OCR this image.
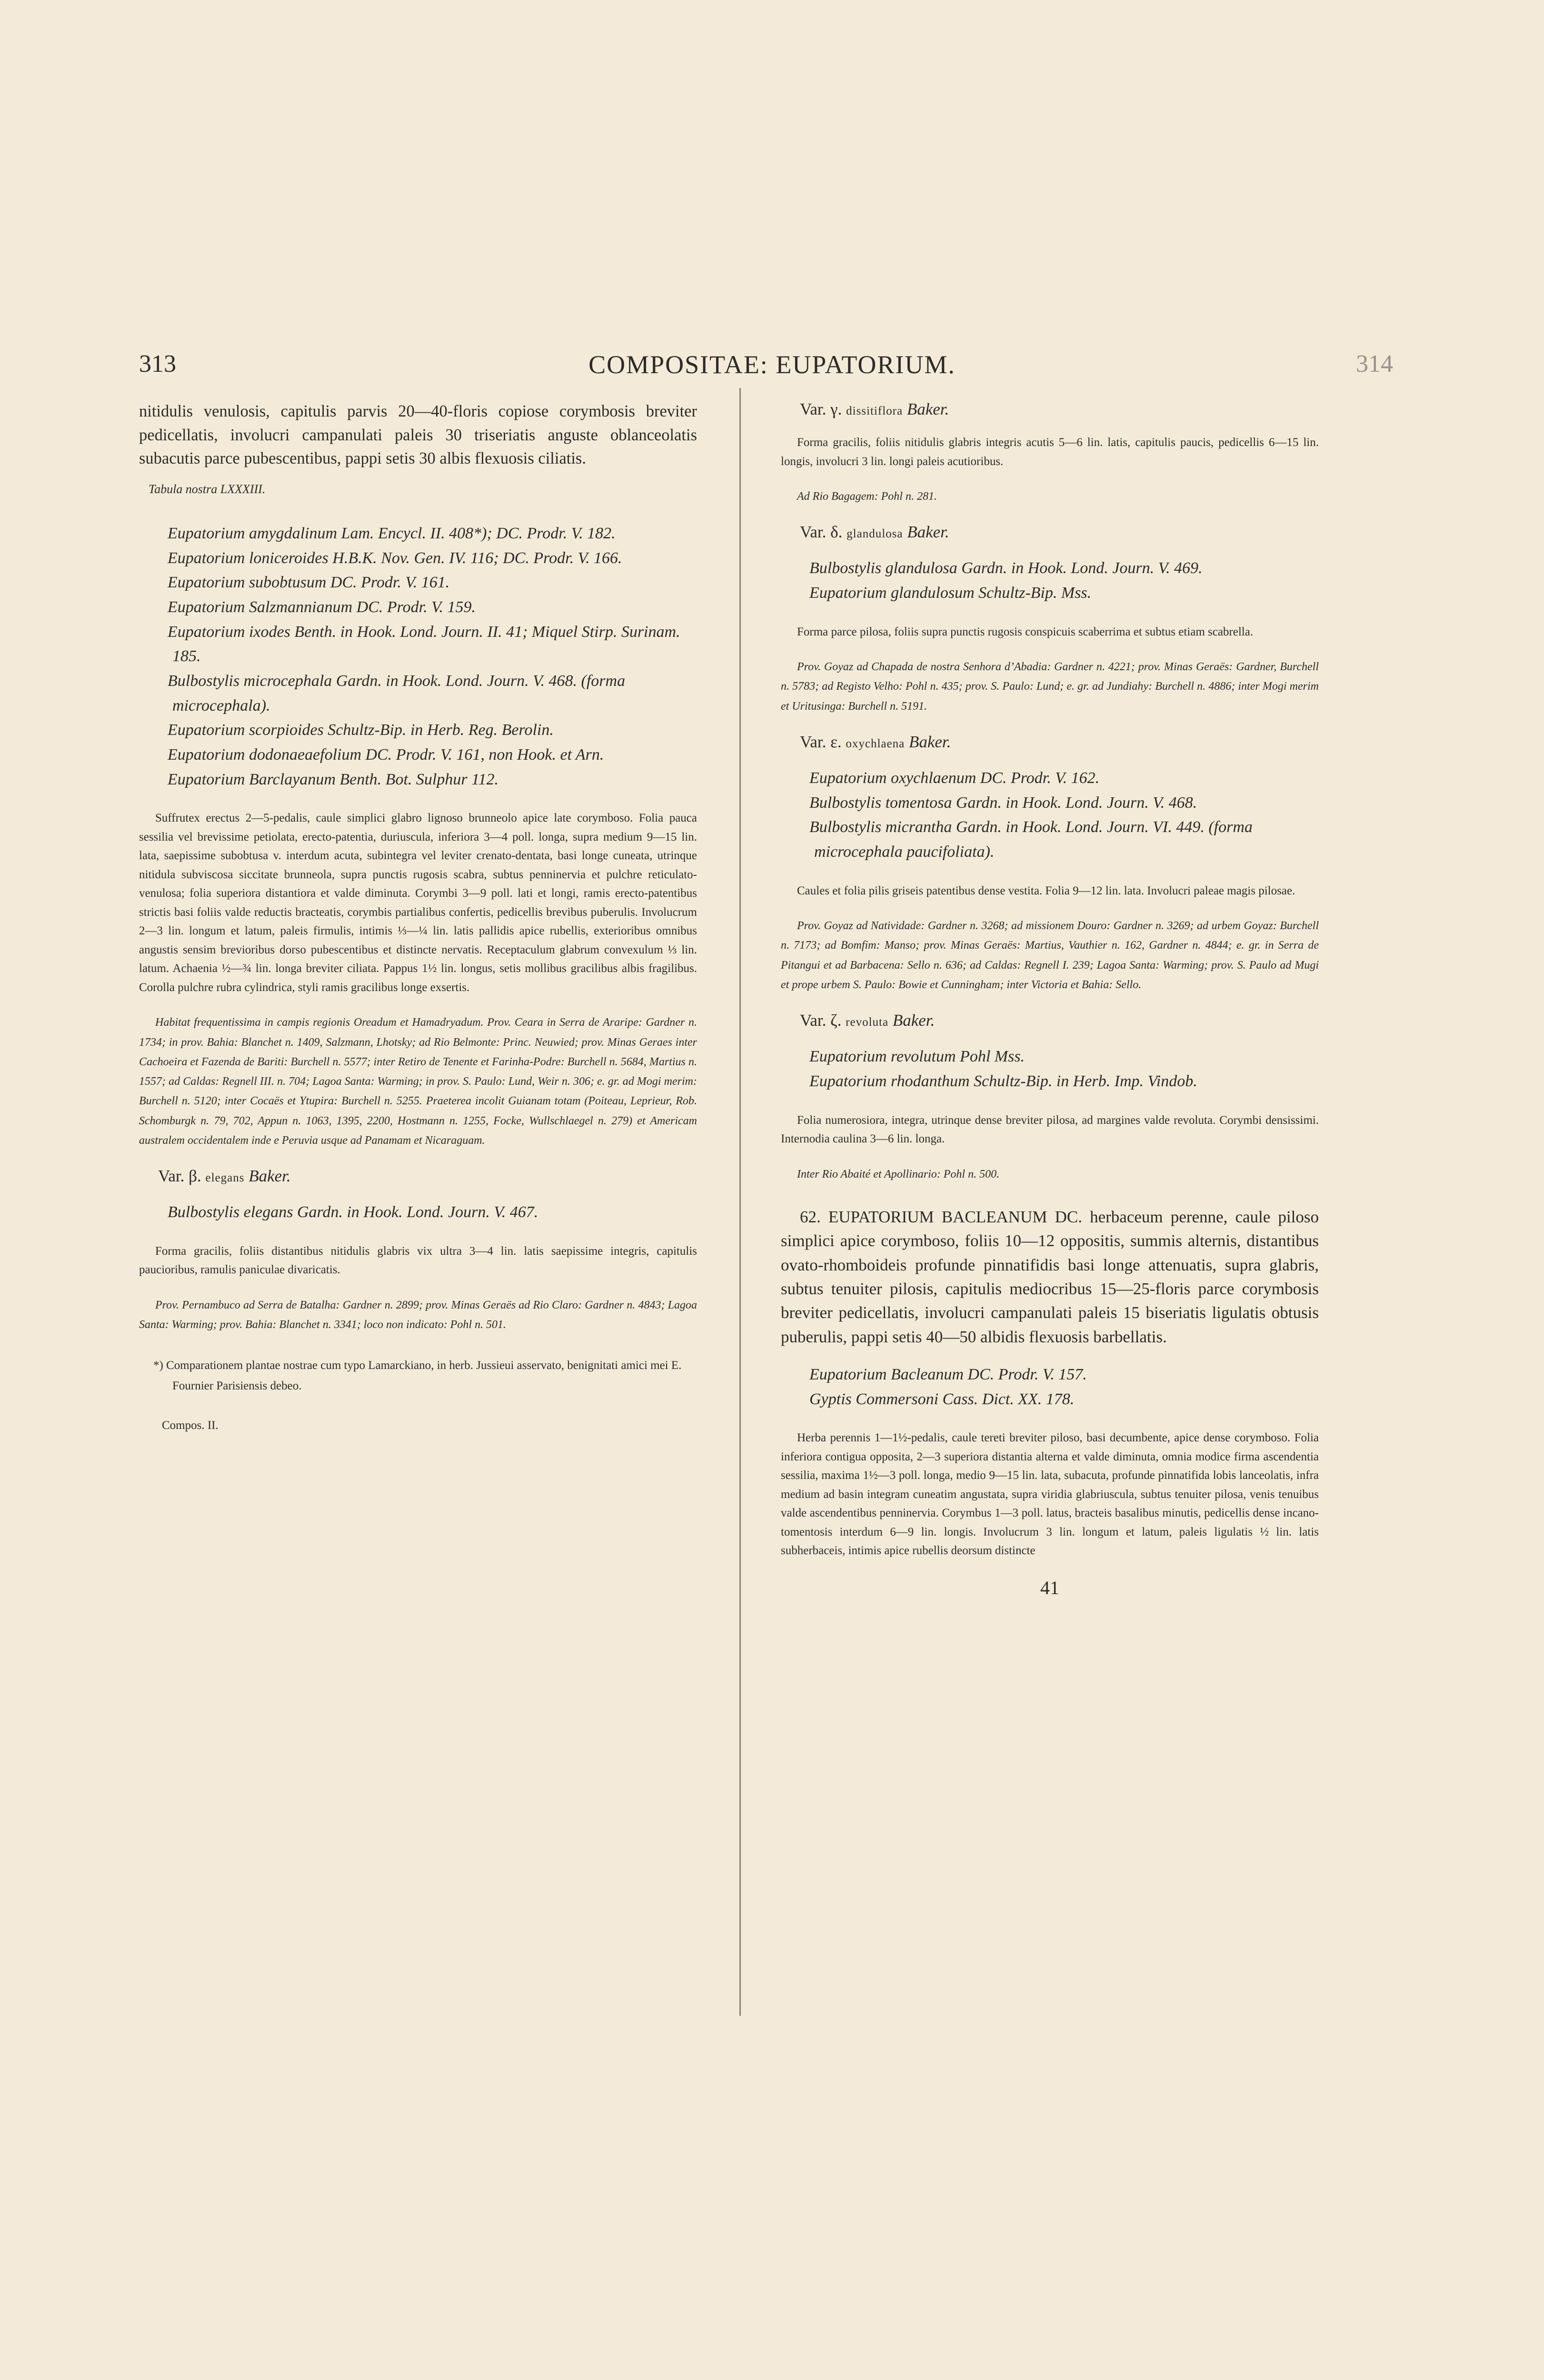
313	COMPOSITAE: EUPATORIUM.	314

nitidulis venulosis, capitulis parvis 20—40-floris copiose corymbosis breviter pedicellatis, involucri campanulati paleis 30 triseriatis anguste oblanceolatis subacutis parce pubescentibus, pappi setis 30 albis flexuosis ciliatis.

Tabula nostra LXXXIII.
Eupatorium amygdalinum Lam. Encycl. II. 408*); DC. Prodr. V. 182.
Eupatorium loniceroides H.B.K. Nov. Gen. IV. 116; DC. Prodr. V. 166.
Eupatorium subobtusum DC. Prodr. V. 161.
Eupatorium Salzmannianum DC. Prodr. V. 159.
Eupatorium ixodes Benth. in Hook. Lond. Journ. II. 41; Miquel Stirp. Surinam. 185.
Bulbostylis microcephala Gardn. in Hook. Lond. Journ. V. 468. (forma microcephala).
Eupatorium scorpioides Schultz-Bip. in Herb. Reg. Berolin.
Eupatorium dodonaeaefolium DC. Prodr. V. 161, non Hook. et Arn.
Eupatorium Barclayanum Benth. Bot. Sulphur 112.

Suffrutex erectus 2—5-pedalis, caule simplici glabro lignoso brunneolo apice late corymboso. Folia pauca sessilia vel brevissime petiolata, erecto-patentia, duriuscula, inferiora 3—4 poll. longa, supra medium 9—15 lin. lata, saepissime subobtusa v. interdum acuta, subintegra vel leviter crenato-dentata, basi longe cuneata, utrinque nitidula subviscosa siccitate brunneola, supra punctis rugosis scabra, subtus penninervia et pulchre reticulato-venulosa; folia superiora distantiora et valde diminuta. Corymbi 3—9 poll. lati et longi, ramis erecto-patentibus strictis basi foliis valde reductis bracteatis, corymbis partialibus confertis, pedicellis brevibus puberulis. Involucrum 2—3 lin. longum et latum, paleis firmulis, intimis ⅓—¼ lin. latis pallidis apice rubellis, exterioribus omnibus angustis sensim brevioribus dorso pubescentibus et distincte nervatis. Receptaculum glabrum convexulum ⅓ lin. latum. Achaenia ½—¾ lin. longa breviter ciliata. Pappus 1½ lin. longus, setis mollibus gracilibus albis fragilibus. Corolla pulchre rubra cylindrica, styli ramis gracilibus longe exsertis.

Habitat frequentissima in campis regionis Oreadum et Hamadryadum. Prov. Ceara in Serra de Araripe: Gardner n. 1734; in prov. Bahia: Blanchet n. 1409, Salzmann, Lhotsky; ad Rio Belmonte: Princ. Neuwied; prov. Minas Geraes inter Cachoeira et Fazenda de Bariti: Burchell n. 5577; inter Retiro de Tenente et Farinha-Podre: Burchell n. 5684, Martius n. 1557; ad Caldas: Regnell III. n. 704; Lagoa Santa: Warming; in prov. S. Paulo: Lund, Weir n. 306; e. gr. ad Mogi merim: Burchell n. 5120; inter Cocaës et Ytupira: Burchell n. 5255. Praeterea incolit Guianam totam (Poiteau, Leprieur, Rob. Schomburgk n. 79, 702, Appun n. 1063, 1395, 2200, Hostmann n. 1255, Focke, Wullschlaegel n. 279) et Americam australem occidentalem inde e Peruvia usque ad Panamam et Nicaraguam.

Var. β. elegans Baker.
Bulbostylis elegans Gardn. in Hook. Lond. Journ. V. 467.

Forma gracilis, foliis distantibus nitidulis glabris vix ultra 3—4 lin. latis saepissime integris, capitulis paucioribus, ramulis paniculae divaricatis.

Prov. Pernambuco ad Serra de Batalha: Gardner n. 2899; prov. Minas Geraës ad Rio Claro: Gardner n. 4843; Lagoa Santa: Warming; prov. Bahia: Blanchet n. 3341; loco non indicato: Pohl n. 501.

*) Comparationem plantae nostrae cum typo Lamarckiano, in herb. Jussieui asservato, benignitati amici mei E. Fournier Parisiensis debeo.

Compos. II.
Var. γ. dissitiflora Baker.

Forma gracilis, foliis nitidulis glabris integris acutis 5—6 lin. latis, capitulis paucis, pedicellis 6—15 lin. longis, involucri 3 lin. longi paleis acutioribus.

Ad Rio Bagagem: Pohl n. 281.

Var. δ. glandulosa Baker.
Bulbostylis glandulosa Gardn. in Hook. Lond. Journ. V. 469.
Eupatorium glandulosum Schultz-Bip. Mss.

Forma parce pilosa, foliis supra punctis rugosis conspicuis scaberrima et subtus etiam scabrella.

Prov. Goyaz ad Chapada de nostra Senhora d’Abadia: Gardner n. 4221; prov. Minas Geraës: Gardner, Burchell n. 5783; ad Registo Velho: Pohl n. 435; prov. S. Paulo: Lund; e. gr. ad Jundiahy: Burchell n. 4886; inter Mogi merim et Uritusinga: Burchell n. 5191.

Var. ε. oxychlaena Baker.
Eupatorium oxychlaenum DC. Prodr. V. 162.
Bulbostylis tomentosa Gardn. in Hook. Lond. Journ. V. 468.
Bulbostylis micrantha Gardn. in Hook. Lond. Journ. VI. 449. (forma microcephala paucifoliata).

Caules et folia pilis griseis patentibus dense vestita. Folia 9—12 lin. lata. Involucri paleae magis pilosae.

Prov. Goyaz ad Natividade: Gardner n. 3268; ad missionem Douro: Gardner n. 3269; ad urbem Goyaz: Burchell n. 7173; ad Bomfim: Manso; prov. Minas Geraës: Martius, Vauthier n. 162, Gardner n. 4844; e. gr. in Serra de Pitangui et ad Barbacena: Sello n. 636; ad Caldas: Regnell I. 239; Lagoa Santa: Warming; prov. S. Paulo ad Mugi et prope urbem S. Paulo: Bowie et Cunningham; inter Victoria et Bahia: Sello.

Var. ζ. revoluta Baker.
Eupatorium revolutum Pohl Mss.
Eupatorium rhodanthum Schultz-Bip. in Herb. Imp. Vindob.

Folia numerosiora, integra, utrinque dense breviter pilosa, ad margines valde revoluta. Corymbi densissimi. Internodia caulina 3—6 lin. longa.

Inter Rio Abaité et Apollinario: Pohl n. 500.

62. EUPATORIUM BACLEANUM DC. herbaceum perenne, caule piloso simplici apice corymboso, foliis 10—12 oppositis, summis alternis, distantibus ovato-rhomboideis profunde pinnatifidis basi longe attenuatis, supra glabris, subtus tenuiter pilosis, capitulis mediocribus 15—25-floris parce corymbosis breviter pedicellatis, involucri campanulati paleis 15 biseriatis ligulatis obtusis puberulis, pappi setis 40—50 albidis flexuosis barbellatis.

Eupatorium Bacleanum DC. Prodr. V. 157.
Gyptis Commersoni Cass. Dict. XX. 178.

Herba perennis 1—1½-pedalis, caule tereti breviter piloso, basi decumbente, apice dense corymboso. Folia inferiora contigua opposita, 2—3 superiora distantia alterna et valde diminuta, omnia modice firma ascendentia sessilia, maxima 1½—3 poll. longa, medio 9—15 lin. lata, subacuta, profunde pinnatifida lobis lanceolatis, infra medium ad basin integram cuneatim angustata, supra viridia glabriuscula, subtus tenuiter pilosa, venis tenuibus valde ascendentibus penninervia. Corymbus 1—3 poll. latus, bracteis basalibus minutis, pedicellis dense incano-tomentosis interdum 6—9 lin. longis. Involucrum 3 lin. longum et latum, paleis ligulatis ½ lin. latis subherbaceis, intimis apice rubellis deorsum distincte

41
